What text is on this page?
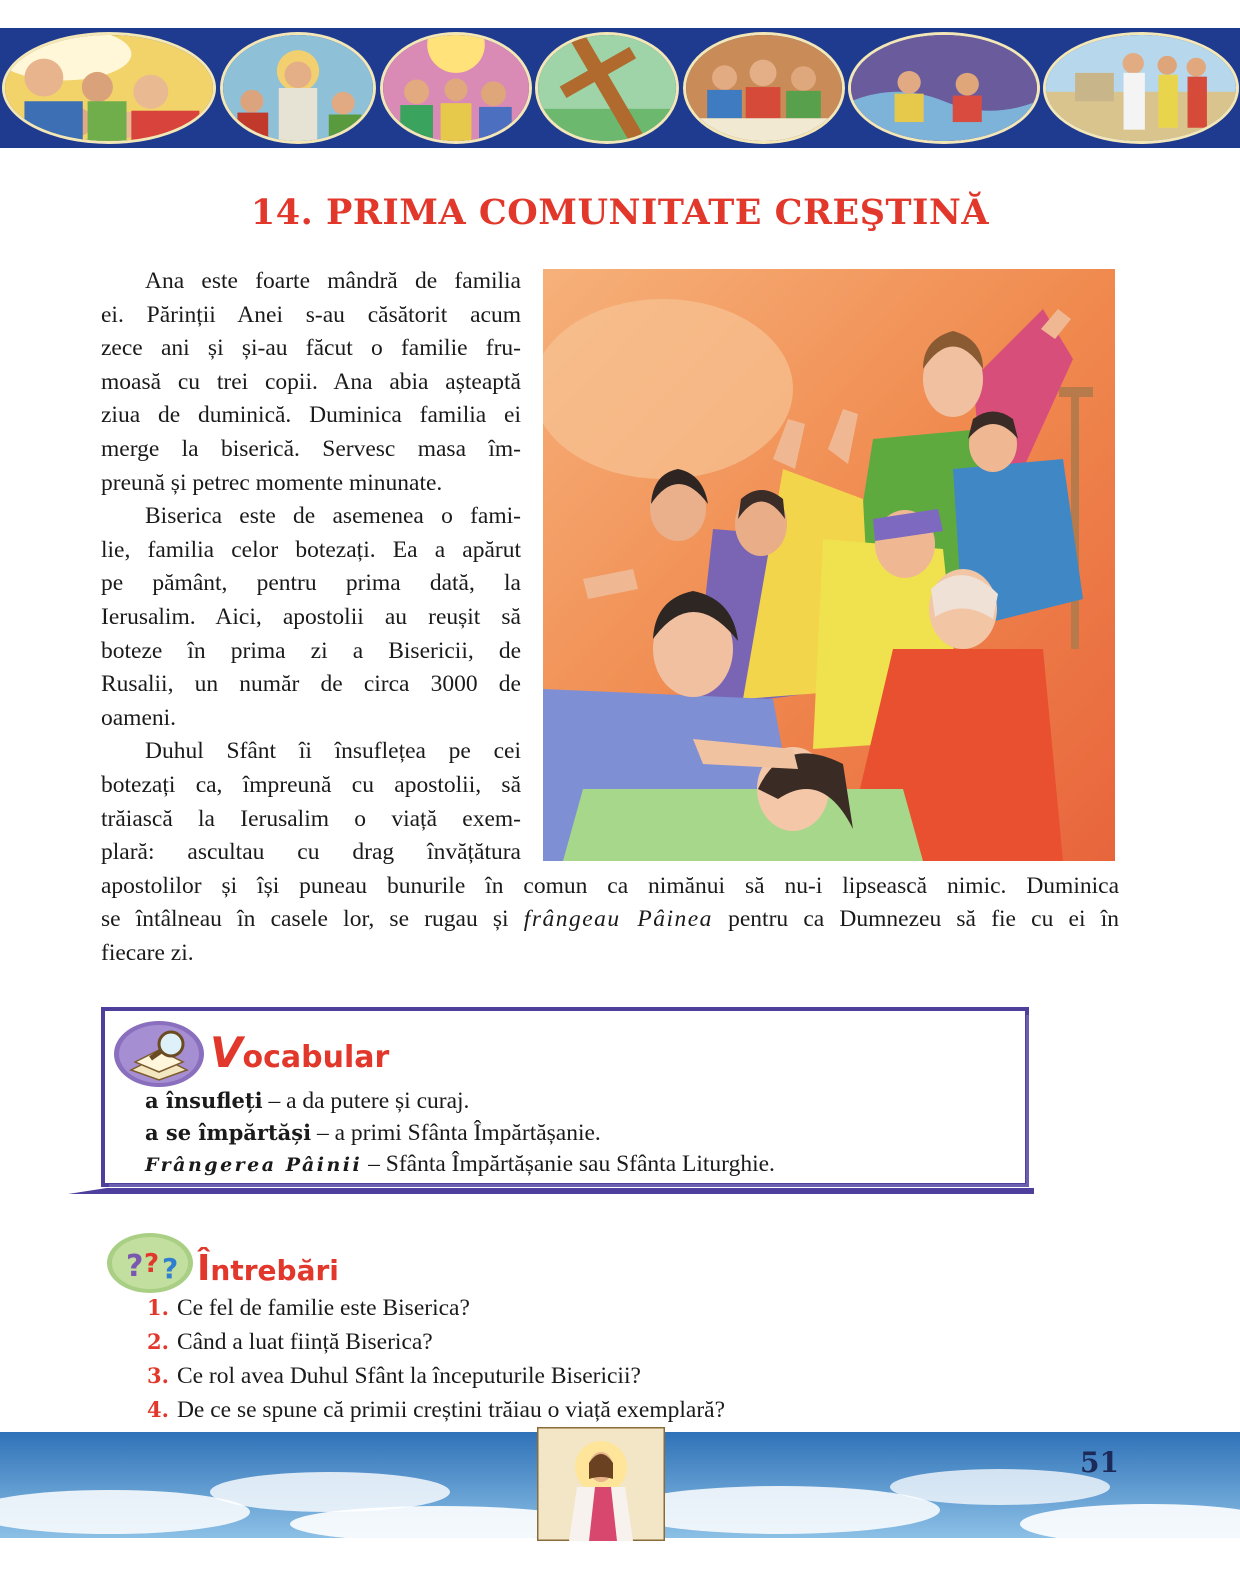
14. PRIMA COMUNITATE CREŞTINĂ

Ana este foarte mândră de familia

ei. Părinții Anei s-au căsătorit acum

zece ani și și-au făcut o familie fru-

moasă cu trei copii. Ana abia așteaptă

ziua de duminică. Duminica familia ei

merge la biserică. Servesc masa îm-

preună și petrec momente minunate.

Biserica este de asemenea o fami-

lie, familia celor botezați. Ea a apărut

pe pământ, pentru prima dată, la

Ierusalim. Aici, apostolii au reușit să

boteze în prima zi a Bisericii, de

Rusalii, un număr de circa 3000 de

oameni.

Duhul Sfânt îi însuflețea pe cei

botezați ca, împreună cu apostolii, să

trăiască la Ierusalim o viață exem-

plară: ascultau cu drag învățătura

apostolilor și își puneau bunurile în comun ca nimănui să nu-i lipsească nimic. Duminica

se întâlneau în casele lor, se rugau și frângeau Pâinea pentru ca Dumnezeu să fie cu ei în

fiecare zi.

Vocabular
a însufleți – a da putere și curaj.
a se împărtăși – a primi Sfânta Împărtășanie.
Frângerea Pâinii – Sfânta Împărtășanie sau Sfânta Liturghie.
? ? ? Întrebări
1. Ce fel de familie este Biserica?
2. Când a luat ființă Biserica?
3. Ce rol avea Duhul Sfânt la începuturile Bisericii?
4. De ce se spune că primii creștini trăiau o viață exemplară?
51
